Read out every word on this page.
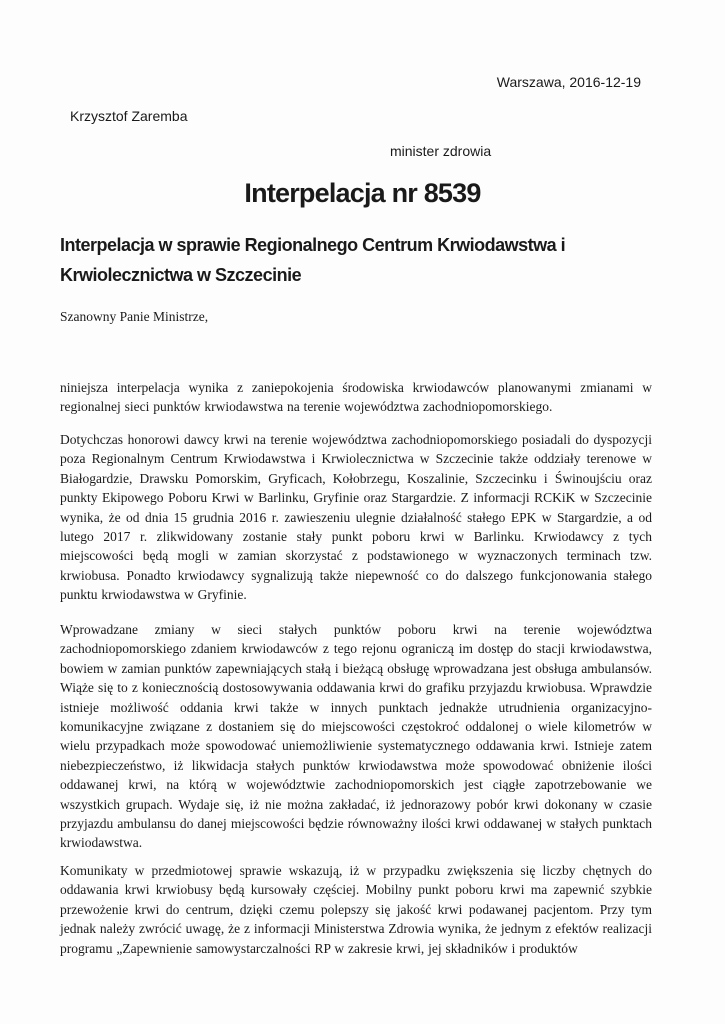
Warszawa, 2016-12-19
Krzysztof Zaremba
minister zdrowia
Interpelacja nr 8539
Interpelacja w sprawie Regionalnego Centrum Krwiodawstwa i Krwiolecznictwa w Szczecinie
Szanowny Panie Ministrze,

niniejsza interpelacja wynika z zaniepokojenia środowiska krwiodawców planowanymi zmianami w regionalnej sieci punktów krwiodawstwa na terenie województwa zachodniopomorskiego.

Dotychczas honorowi dawcy krwi na terenie województwa zachodniopomorskiego posiadali do dyspozycji poza Regionalnym Centrum Krwiodawstwa i Krwiolecznictwa w Szczecinie także oddziały terenowe w Białogardzie, Drawsku Pomorskim, Gryficach, Kołobrzegu, Koszalinie, Szczecinku i Świnoujściu oraz punkty Ekipowego Poboru Krwi w Barlinku, Gryfinie oraz Stargardzie. Z informacji RCKiK w Szczecinie wynika, że od dnia 15 grudnia 2016 r. zawieszeniu ulegnie działalność stałego EPK w Stargardzie, a od lutego 2017 r. zlikwidowany zostanie stały punkt poboru krwi w Barlinku. Krwiodawcy z tych miejscowości będą mogli w zamian skorzystać z podstawionego w wyznaczonych terminach tzw. krwiobusa. Ponadto krwiodawcy sygnalizują także niepewność co do dalszego funkcjonowania stałego punktu krwiodawstwa w Gryfinie.

Wprowadzane zmiany w sieci stałych punktów poboru krwi na terenie województwa zachodniopomorskiego zdaniem krwiodawców z tego rejonu ograniczą im dostęp do stacji krwiodawstwa, bowiem w zamian punktów zapewniających stałą i bieżącą obsługę wprowadzana jest obsługa ambulansów. Wiąże się to z koniecznością dostosowywania oddawania krwi do grafiku przyjazdu krwiobusa. Wprawdzie istnieje możliwość oddania krwi także w innych punktach jednakże utrudnienia organizacyjno-komunikacyjne związane z dostaniem się do miejscowości częstokroć oddalonej o wiele kilometrów w wielu przypadkach może spowodować uniemożliwienie systematycznego oddawania krwi. Istnieje zatem niebezpieczeństwo, iż likwidacja stałych punktów krwiodawstwa może spowodować obniżenie ilości oddawanej krwi, na którą w województwie zachodniopomorskich jest ciągłe zapotrzebowanie we wszystkich grupach. Wydaje się, iż nie można zakładać, iż jednorazowy pobór krwi dokonany w czasie przyjazdu ambulansu do danej miejscowości będzie równoważny ilości krwi oddawanej w stałych punktach krwiodawstwa.

Komunikaty w przedmiotowej sprawie wskazują, iż w przypadku zwiększenia się liczby chętnych do oddawania krwi krwiobusy będą kursowały częściej. Mobilny punkt poboru krwi ma zapewnić szybkie przewożenie krwi do centrum, dzięki czemu polepszy się jakość krwi podawanej pacjentom. Przy tym jednak należy zwrócić uwagę, że z informacji Ministerstwa Zdrowia wynika, że jednym z efektów realizacji programu „Zapewnienie samowystarczalności RP w zakresie krwi, jej składników i produktów
